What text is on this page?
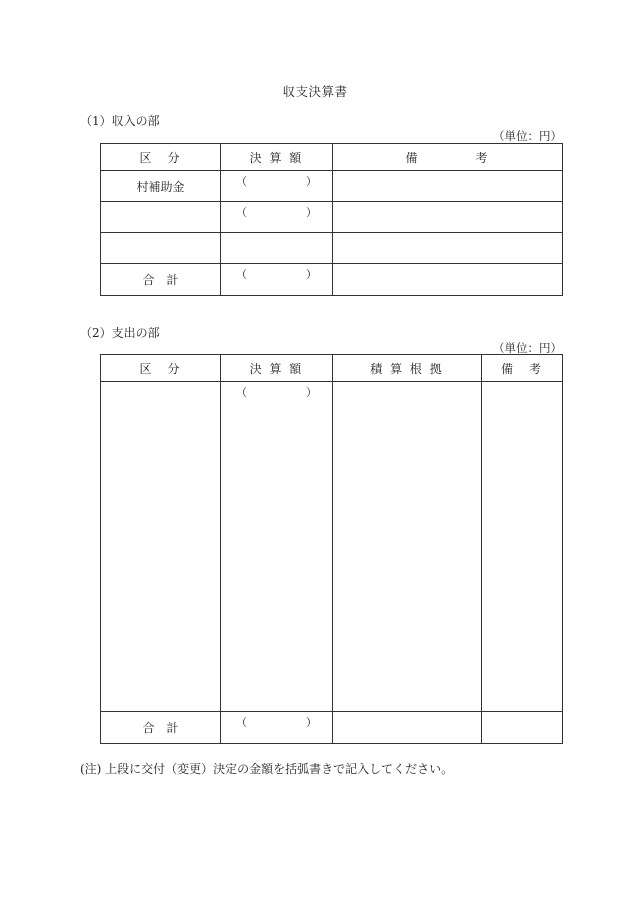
収支決算書
（1）収入の部
（単位：円）
区　分	決 算 額	備　　　　考
村補助金	（ ）	

	（ ）	

合　計	（ ）	

（2）支出の部
（単位：円）
区　分	決 算 額	積 算 根 拠	備　考

	（ ）		

合　計	（ ）		

(注) 上段に交付（変更）決定の金額を括弧書きで記入してください。
